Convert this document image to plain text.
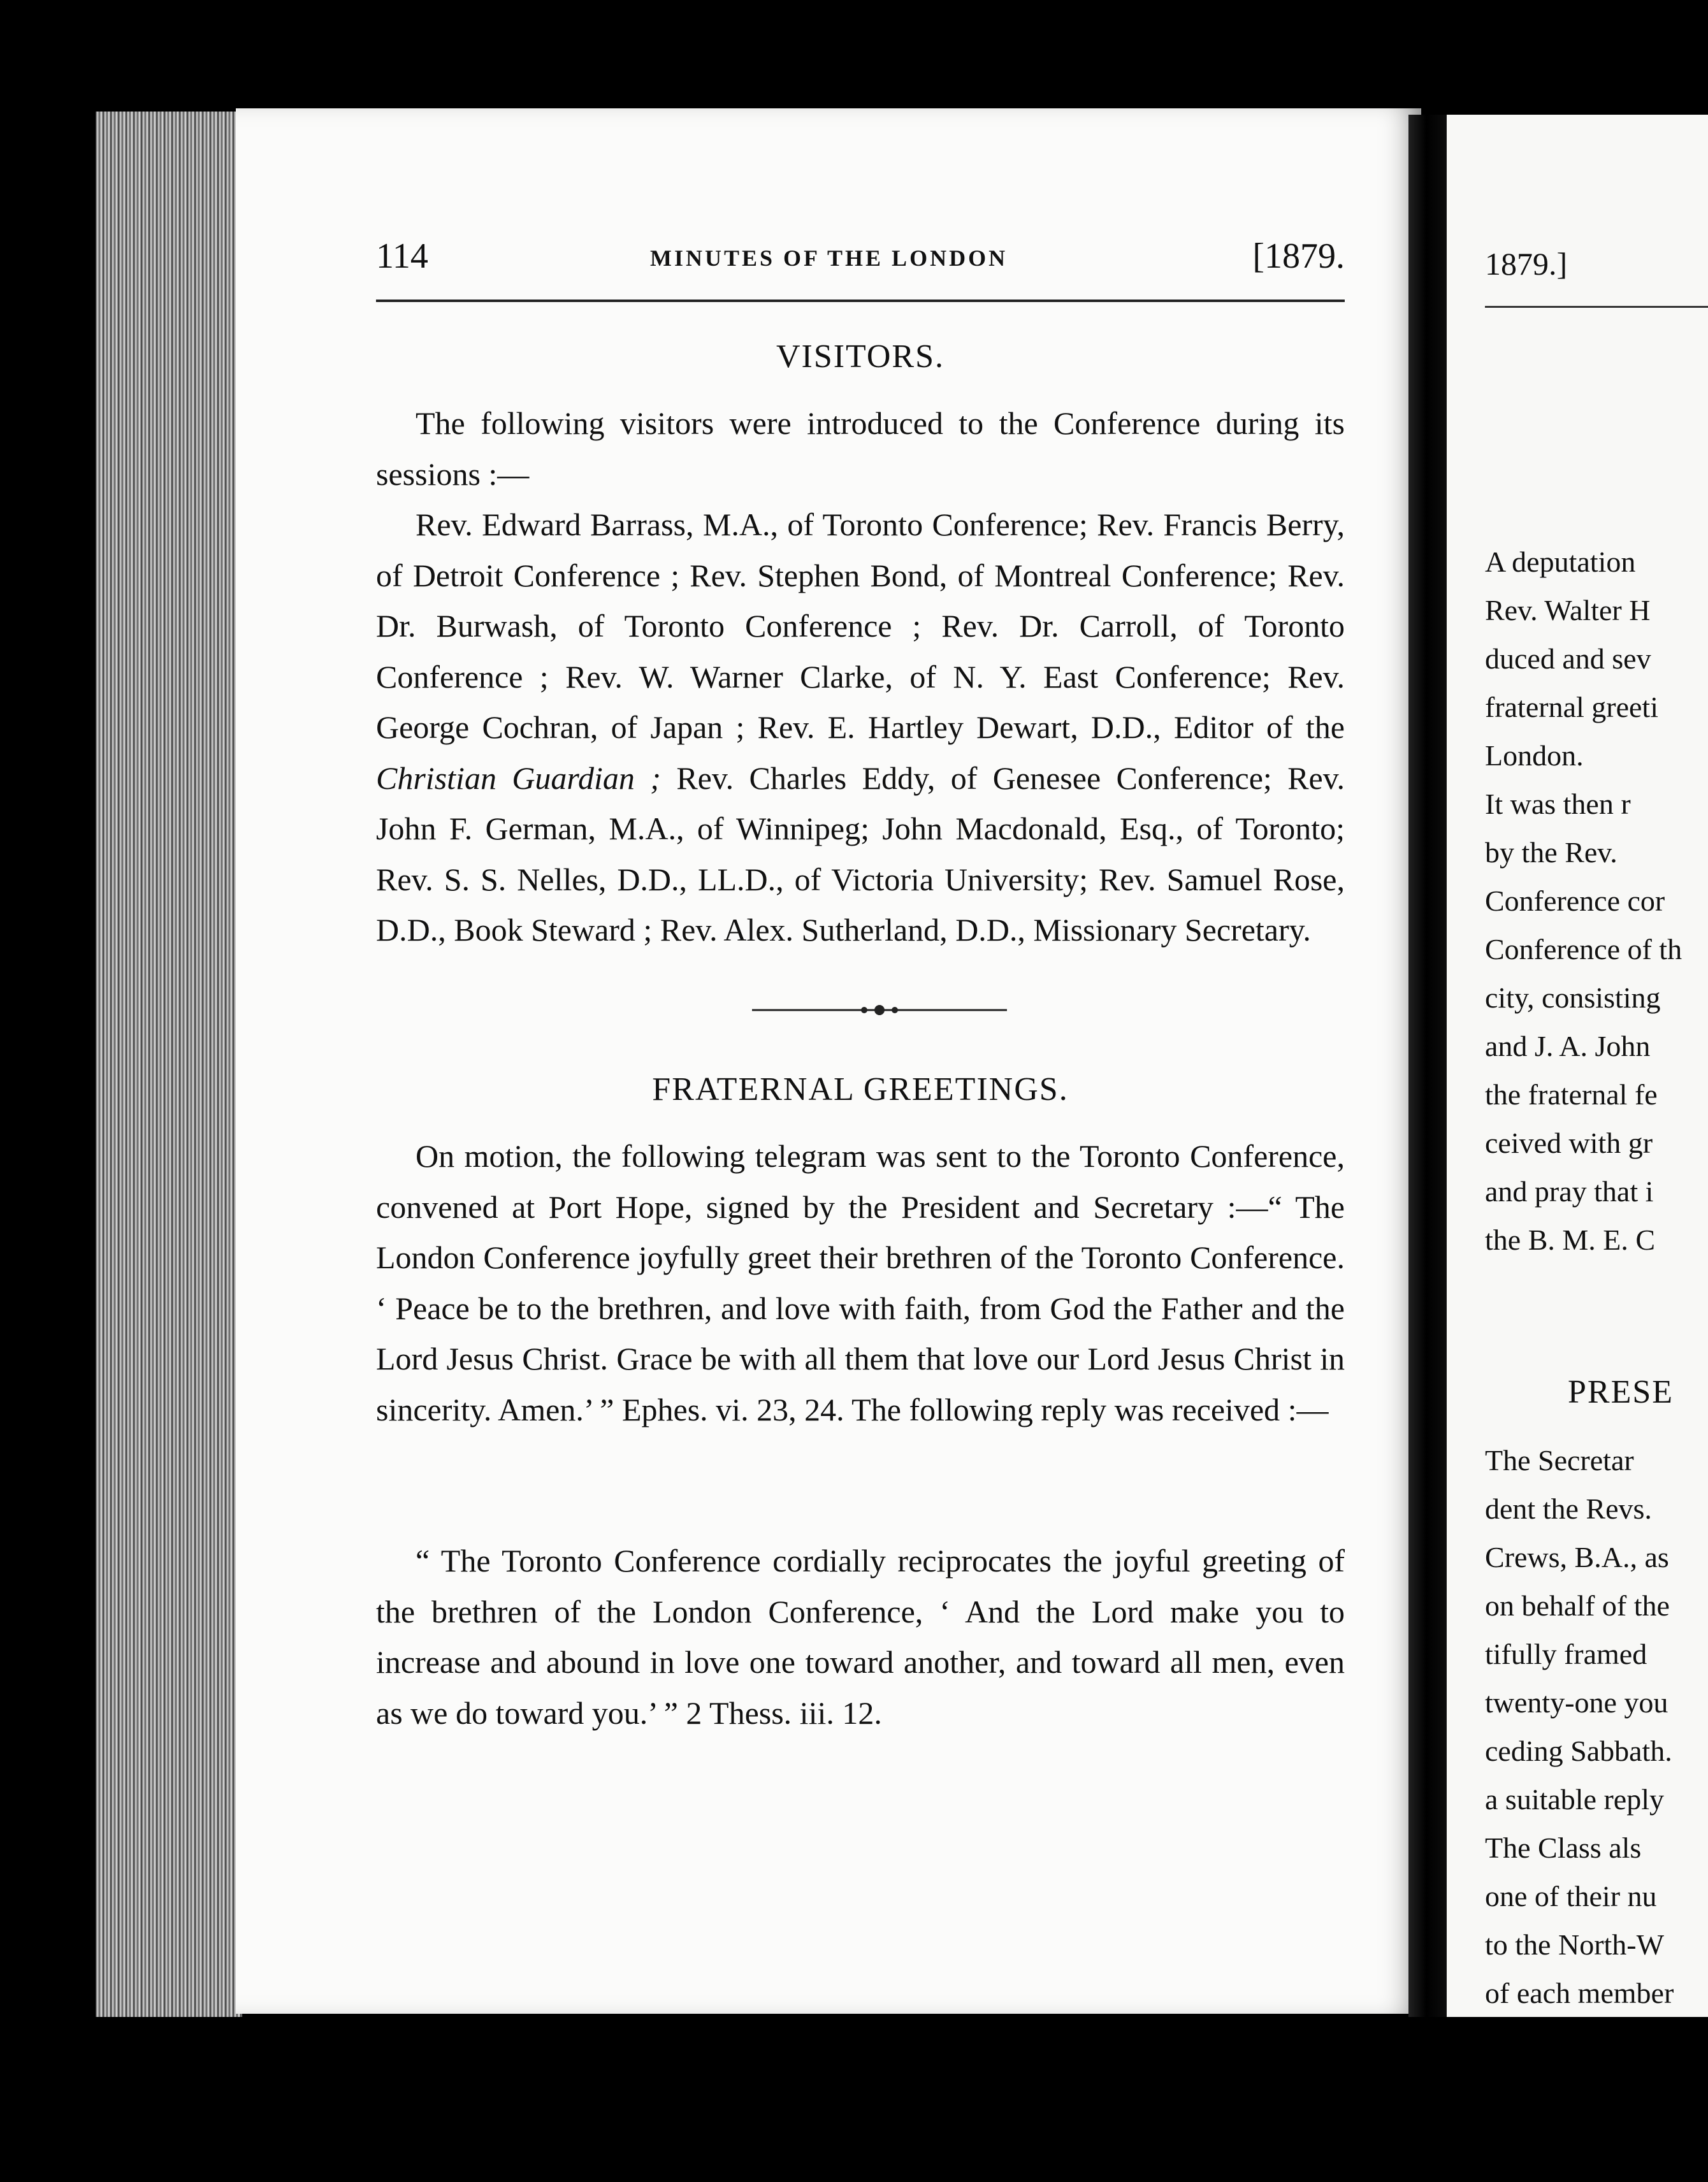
114	MINUTES OF THE LONDON	[1879.
VISITORS.

The following visitors were introduced to the Conference during its sessions :—

Rev. Edward Barrass, M.A., of Toronto Conference; Rev. Francis Berry, of Detroit Conference ; Rev. Stephen Bond, of Montreal Conference; Rev. Dr. Burwash, of Toronto Conference ; Rev. Dr. Carroll, of Toronto Conference ; Rev. W. Warner Clarke, of N. Y. East Conference; Rev. George Cochran, of Japan ; Rev. E. Hartley Dewart, D.D., Editor of the Christian Guardian ; Rev. Charles Eddy, of Genesee Conference; Rev. John F. German, M.A., of Winnipeg; John Macdonald, Esq., of Toronto; Rev. S. S. Nelles, D.D., LL.D., of Victoria University; Rev. Samuel Rose, D.D., Book Steward ; Rev. Alex. Sutherland, D.D., Missionary Secretary.

FRATERNAL GREETINGS.

On motion, the following telegram was sent to the Toronto Conference, convened at Port Hope, signed by the President and Secretary :—“ The London Conference joyfully greet their brethren of the Toronto Conference. ‘ Peace be to the brethren, and love with faith, from God the Father and the Lord Jesus Christ. Grace be with all them that love our Lord Jesus Christ in sincerity. Amen.’ ” Ephes. vi. 23, 24. The following reply was received :—

“ The Toronto Conference cordially reciprocates the joyful greeting of the brethren of the London Conference, ‘ And the Lord make you to increase and abound in love one toward another, and toward all men, even as we do toward you.’ ” 2 Thess. iii. 12.

1879.]
A deputation
Rev. Walter H
duced and sev
fraternal greeti
London.
It was then r
by the Rev.
Conference cor
Conference of th
city, consisting
and J. A. John
the fraternal fe
ceived with gr
and pray that i
the B. M. E. C
PRESE
The Secretar
dent the Revs.
Crews, B.A., as
on behalf of the
tifully framed
twenty-one you
ceding Sabbath.
a suitable reply
The Class als
one of their nu
to the North-W
of each member
